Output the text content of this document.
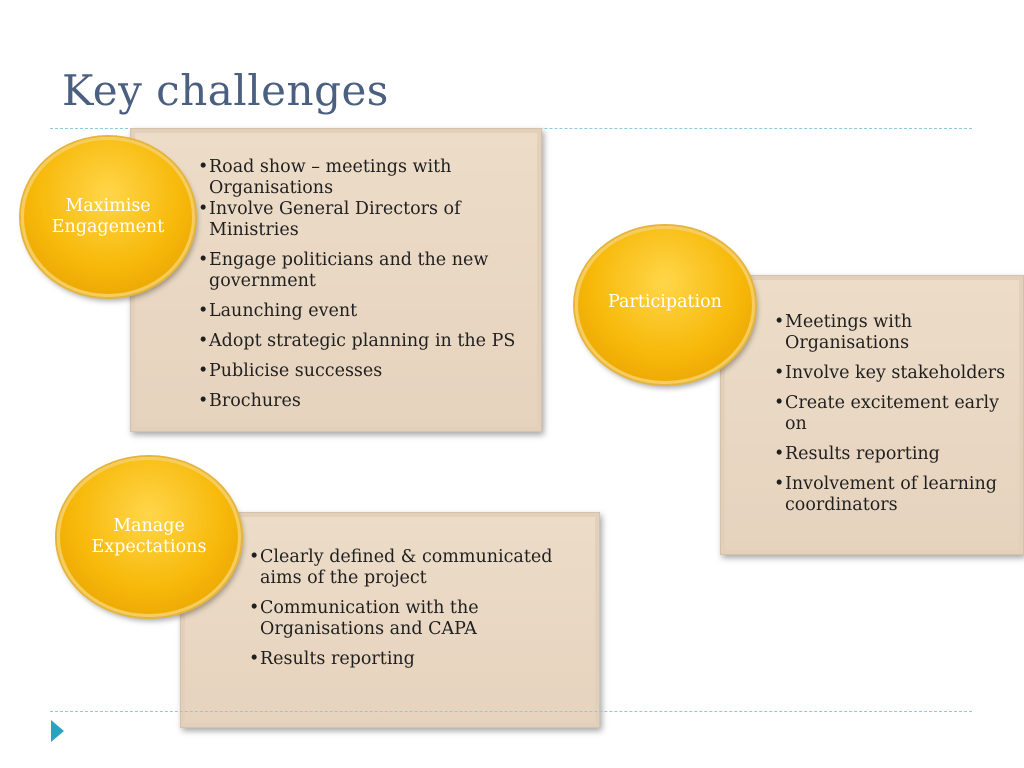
Key challenges
• Road show – meetings with Organisations
• Involve General Directors of Ministries
• Engage politicians and the new government
• Launching event
• Adopt strategic planning in the PS
• Publicise successes
• Brochures
Maximise Engagement
• Meetings with Organisations
• Involve key stakeholders
• Create excitement early on
• Results reporting
• Involvement of learning coordinators
Participation
• Clearly defined & communicated aims of the project
• Communication with the Organisations and CAPA
• Results reporting
Manage Expectations
